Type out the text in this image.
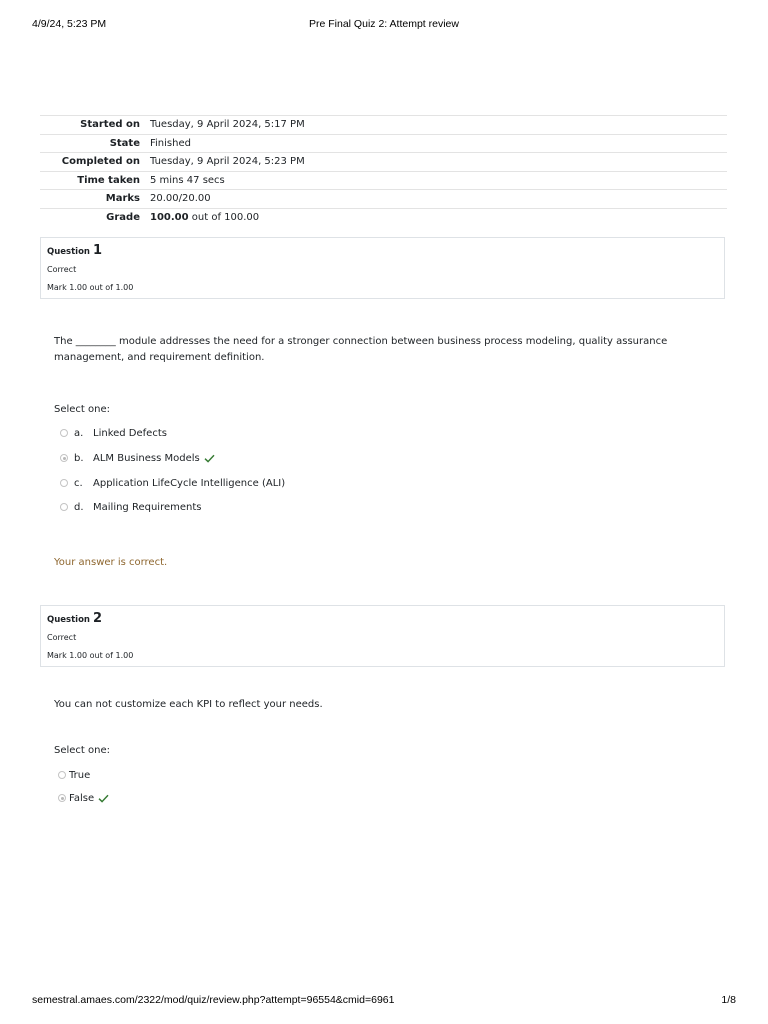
4/9/24, 5:23 PM	Pre Final Quiz 2: Attempt review
Started on	Tuesday, 9 April 2024, 5:17 PM
State	Finished
Completed on	Tuesday, 9 April 2024, 5:23 PM
Time taken	5 mins 47 secs
Marks	20.00/20.00
Grade	100.00 out of 100.00
Question 1
Correct
Mark 1.00 out of 1.00
The ________ module addresses the need for a stronger connection between business process modeling, quality assurance management, and requirement definition.
Select one:
a. Linked Defects
b. ALM Business Models
c.	Application LifeCycle Intelligence (ALI)
d. Mailing Requirements
Your answer is correct.
Question 2
Correct
Mark 1.00 out of 1.00
You can not customize each KPI to reflect your needs.
Select one:
True
False
semestral.amaes.com/2322/mod/quiz/review.php?attempt=96554&cmid=6961	1/8
